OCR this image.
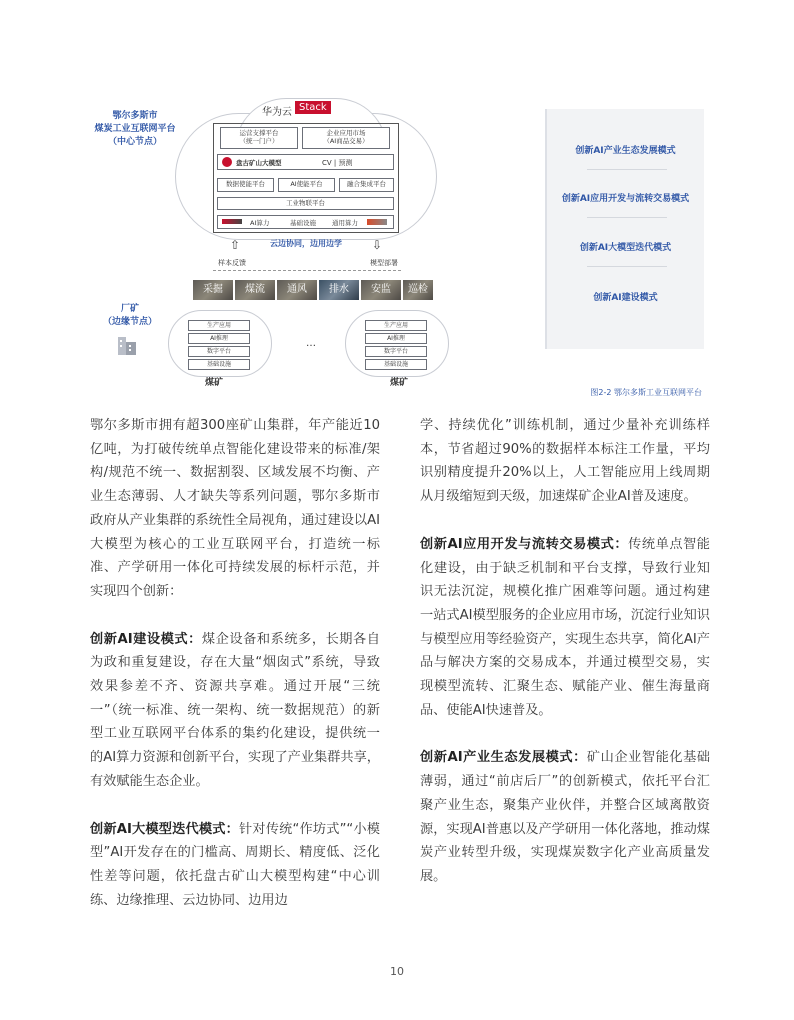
鄂尔多斯市
煤炭工业互联网平台
（中心节点）
华为云 Stack
运营支撑平台
（统一门户）
企业应用市场
（AI商品交易）
盘古矿山大模型	CV | 预测
数据使能平台	AI使能平台	融合集成平台
工业物联平台
AI算力	基础设施 通用算力
⇧	⇩
云边协同，边用边学
样本反馈	模型部署
采掘	煤流	通风	排水	安监	巡检
厂矿
（边缘节点）	生产应用
AI推理
数字平台
基础设施
煤矿
…
生产应用
AI推理
数字平台
基础设施
煤矿
创新AI产业生态发展模式
创新AI应用开发与流转交易模式
创新AI大模型迭代模式
创新AI建设模式
图2-2 鄂尔多斯工业互联网平台

鄂尔多斯市拥有超300座矿山集群，年产能近10亿吨，为打破传统单点智能化建设带来的标准/架构/规范不统一、数据割裂、区域发展不均衡、产业生态薄弱、人才缺失等系列问题，鄂尔多斯市政府从产业集群的系统性全局视角，通过建设以AI大模型为核心的工业互联网平台，打造统一标准、产学研用一体化可持续发展的标杆示范，并实现四个创新：

创新AI建设模式：煤企设备和系统多，长期各自为政和重复建设，存在大量“烟囱式”系统，导致效果参差不齐、资源共享难。通过开展“三统一”（统一标准、统一架构、统一数据规范）的新型工业互联网平台体系的集约化建设，提供统一的AI算力资源和创新平台，实现了产业集群共享，有效赋能生态企业。

创新AI大模型迭代模式：针对传统“作坊式”“小模型”AI开发存在的门槛高、周期长、精度低、泛化性差等问题，依托盘古矿山大模型构建“中心训练、边缘推理、云边协同、边用边

学、持续优化”训练机制，通过少量补充训练样本，节省超过90%的数据样本标注工作量，平均识别精度提升20%以上，人工智能应用上线周期从月级缩短到天级，加速煤矿企业AI普及速度。

创新AI应用开发与流转交易模式：传统单点智能化建设，由于缺乏机制和平台支撑，导致行业知识无法沉淀，规模化推广困难等问题。通过构建一站式AI模型服务的企业应用市场，沉淀行业知识与模型应用等经验资产，实现生态共享，简化AI产品与解决方案的交易成本，并通过模型交易，实现模型流转、汇聚生态、赋能产业、催生海量商品、使能AI快速普及。

创新AI产业生态发展模式：矿山企业智能化基础薄弱，通过“前店后厂”的创新模式，依托平台汇聚产业生态，聚集产业伙伴，并整合区域离散资源，实现AI普惠以及产学研用一体化落地，推动煤炭产业转型升级，实现煤炭数字化产业高质量发展。

10
